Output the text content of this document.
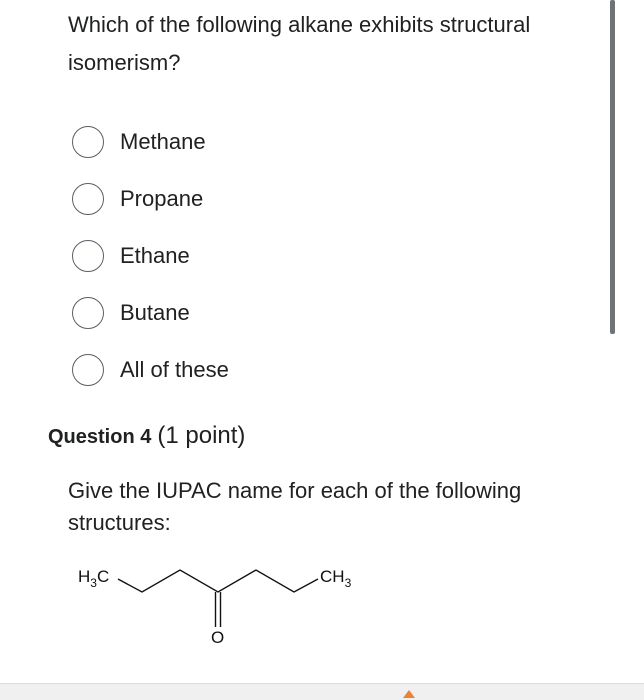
Which of the following alkane exhibits structural isomerism?

Methane
Propane
Ethane
Butane
All of these
Question 4 (1 point)

Give the IUPAC name for each of the following structures:

$H_3C$
O
$CH_3$
